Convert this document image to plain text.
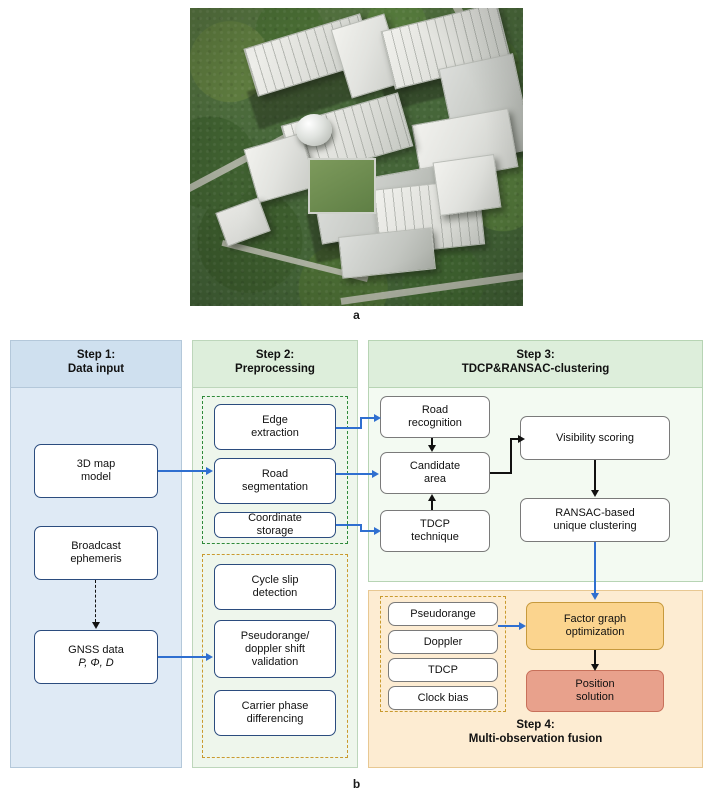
a
Step 1:
Data input
Step 2:
Preprocessing
Step 3:
TDCP&RANSAC-clustering
Step 4:
Multi-observation fusion
3D map
model
Broadcast
ephemeris
GNSS data
P, Φ, D
Edge
extraction
Road
segmentation
Coordinate
storage
Cycle slip
detection
Pseudorange/
doppler shift
validation
Carrier phase
differencing
Road
recognition
Candidate
area
TDCP
technique
Visibility scoring
RANSAC-based
unique clustering
Pseudorange
Doppler
TDCP
Clock bias
Factor graph
optimization
Position
solution
b
